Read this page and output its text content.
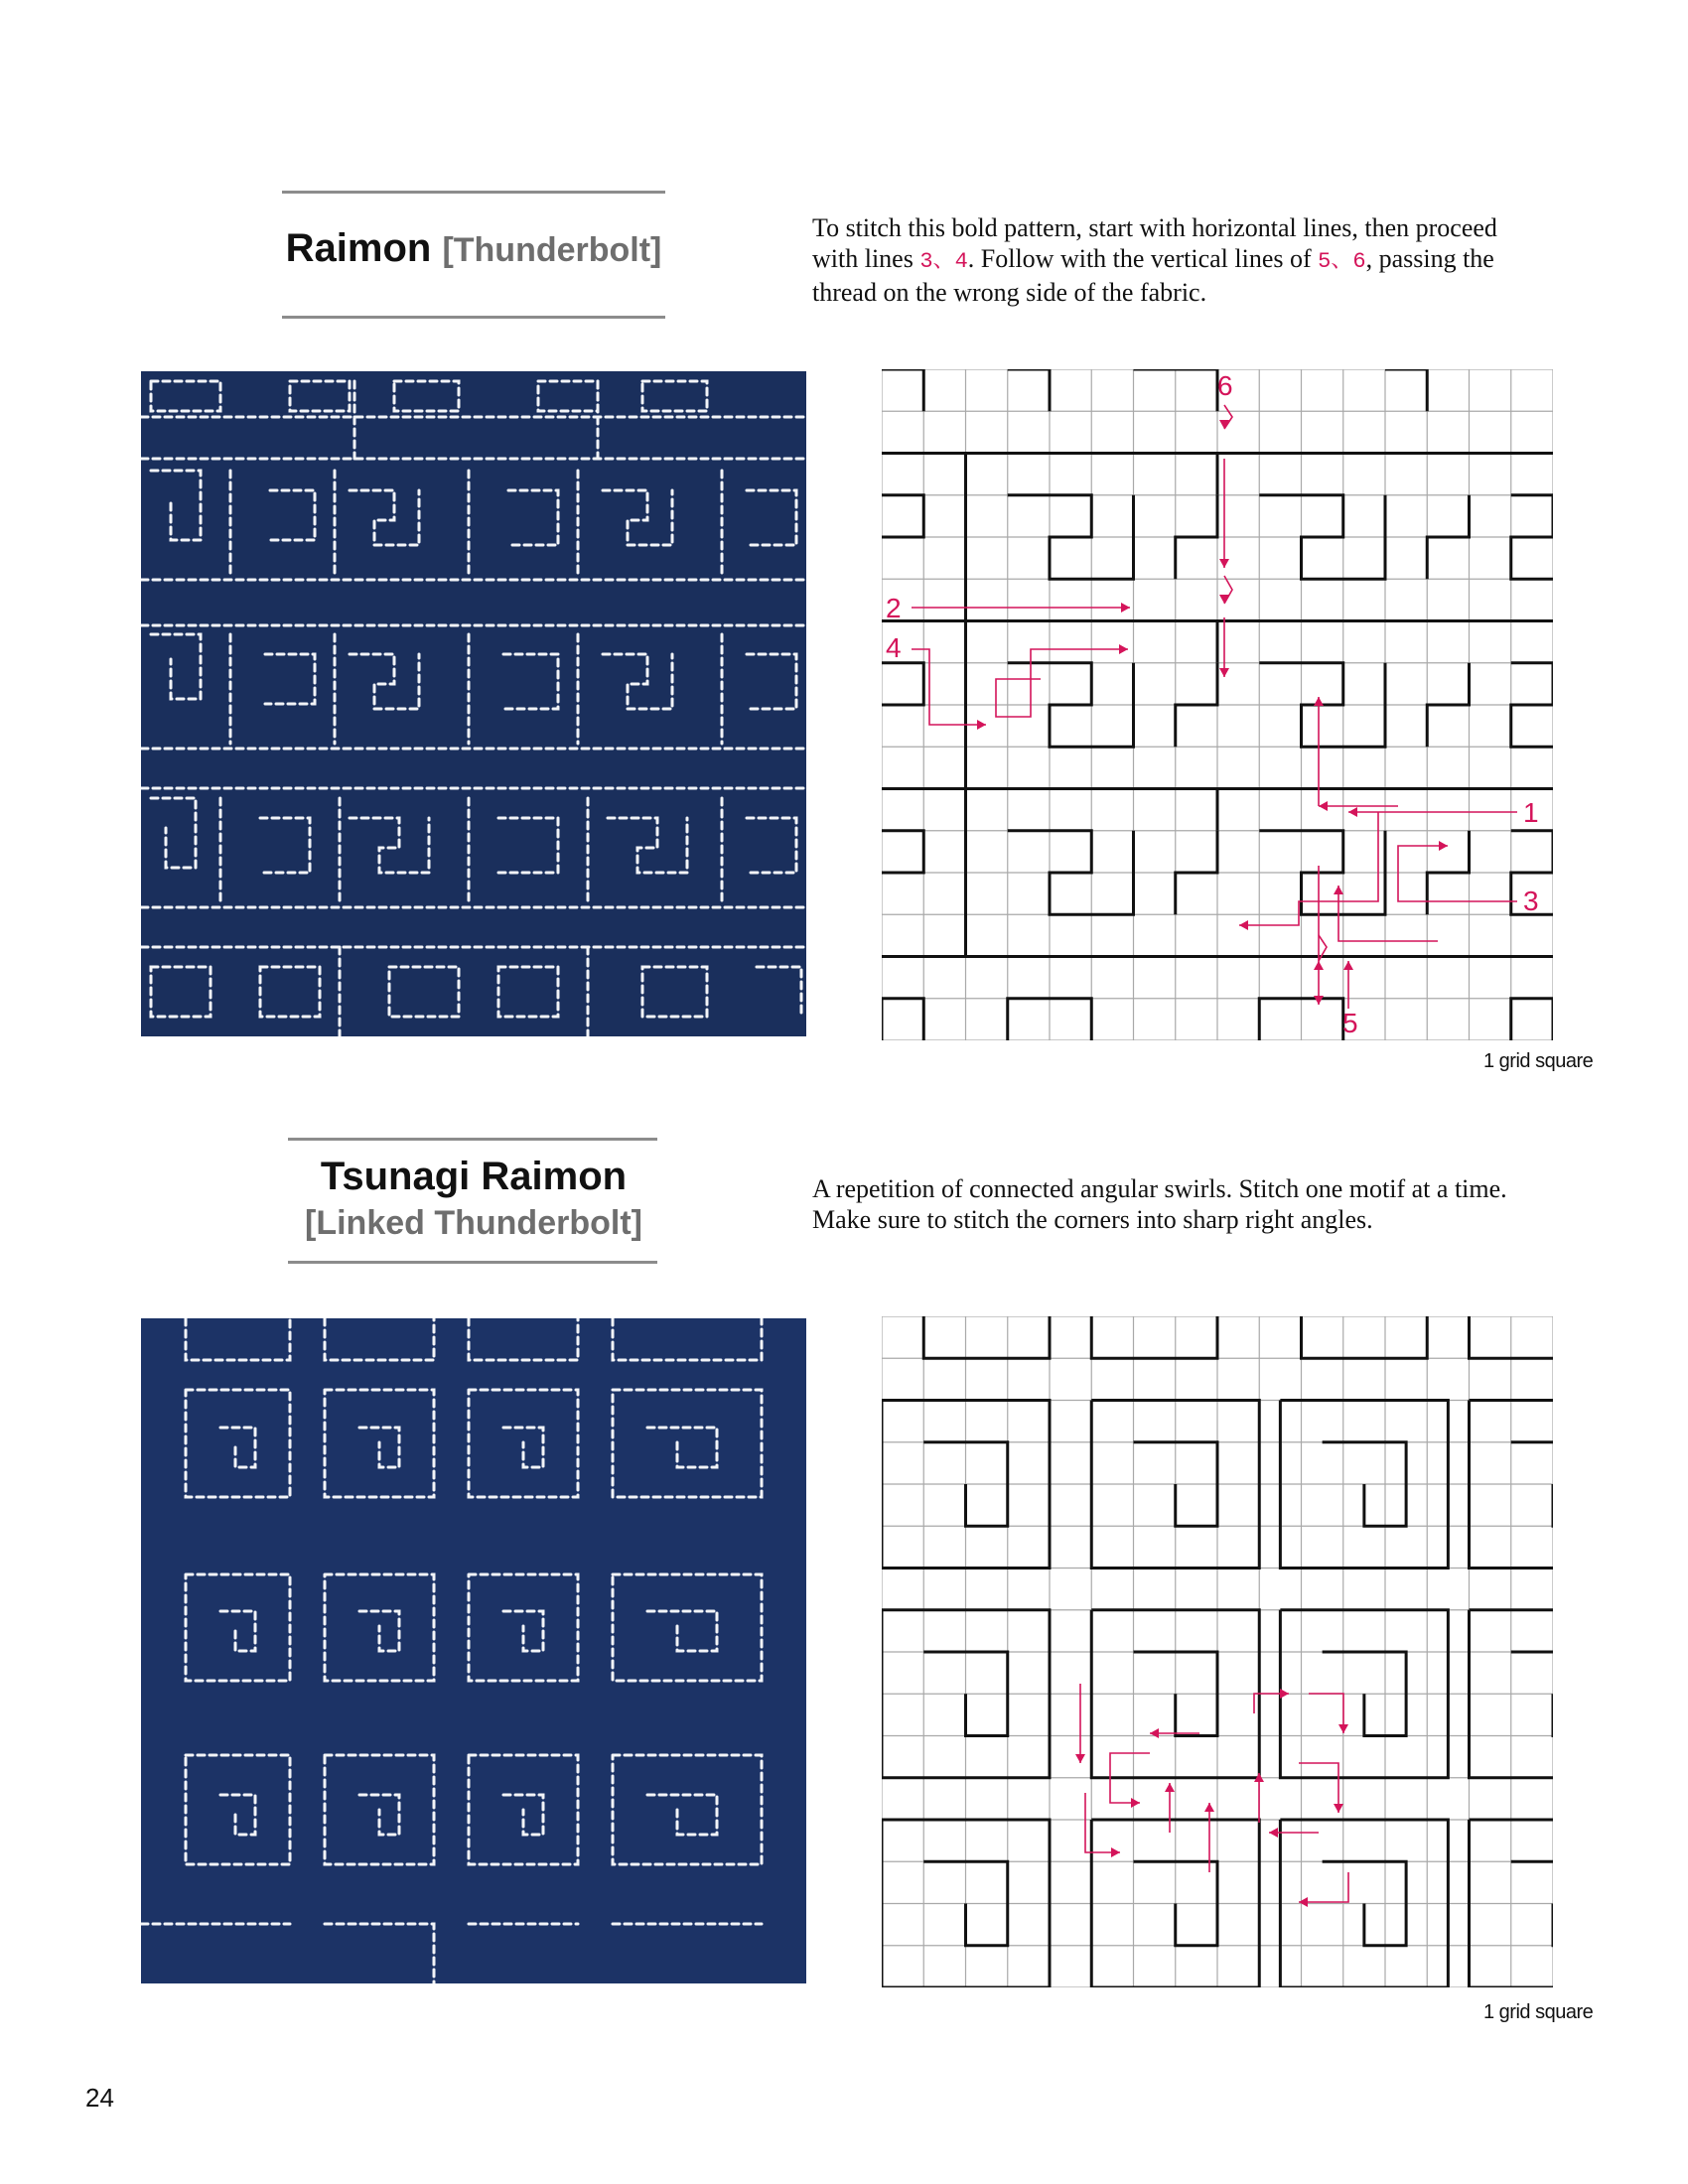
Raimon [Thunderbolt]
To stitch this bold pattern, start with horizontal lines, then proceed with lines 3、4. Follow with the vertical lines of 5、6, passing the thread on the wrong side of the fabric.
6
2
4
1
3
5
1 grid square
Tsunagi Raimon
[Linked Thunderbolt]
A repetition of connected angular swirls. Stitch one motif at a time. Make sure to stitch the corners into sharp right angles.
1 grid square
24
